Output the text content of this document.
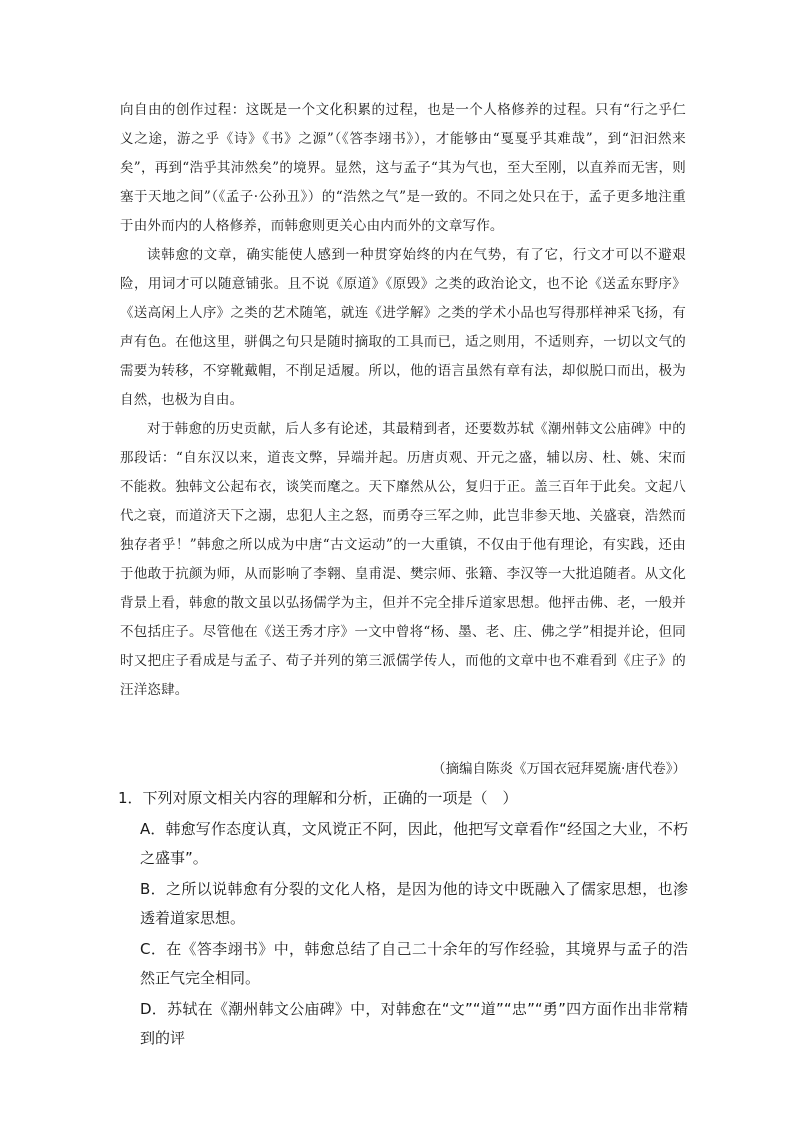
向自由的创作过程：这既是一个文化积累的过程，也是一个人格修养的过程。只有“行之乎仁义之途，游之乎《诗》《书》之源”（《答李翊书》），才能够由“戛戛乎其难哉”，到“汩汩然来矣”，再到“浩乎其沛然矣”的境界。显然，这与孟子“其为气也，至大至刚，以直养而无害，则塞于天地之间”（《孟子·公孙丑》）的“浩然之气”是一致的。不同之处只在于，孟子更多地注重于由外而内的人格修养，而韩愈则更关心由内而外的文章写作。

读韩愈的文章，确实能使人感到一种贯穿始终的内在气势，有了它，行文才可以不避艰险，用词才可以随意铺张。且不说《原道》《原毁》之类的政治论文，也不论《送孟东野序》《送高闲上人序》之类的艺术随笔，就连《进学解》之类的学术小品也写得那样神采飞扬，有声有色。在他这里，骈偶之句只是随时摘取的工具而已，适之则用，不适则弃，一切以文气的需要为转移，不穿靴戴帽，不削足适履。所以，他的语言虽然有章有法，却似脱口而出，极为自然，也极为自由。

对于韩愈的历史贡献，后人多有论述，其最精到者，还要数苏轼《潮州韩文公庙碑》中的那段话：“自东汉以来，道丧文弊，异端并起。历唐贞观、开元之盛，辅以房、杜、姚、宋而不能救。独韩文公起布衣，谈笑而麾之。天下靡然从公，复归于正。盖三百年于此矣。文起八代之衰，而道济天下之溺，忠犯人主之怒，而勇夺三军之帅，此岂非参天地、关盛衰，浩然而独存者乎！”韩愈之所以成为中唐“古文运动”的一大重镇，不仅由于他有理论，有实践，还由于他敢于抗颜为师，从而影响了李翱、皇甫湜、樊宗师、张籍、李汉等一大批追随者。从文化背景上看，韩愈的散文虽以弘扬儒学为主，但并不完全排斥道家思想。他抨击佛、老，一般并不包括庄子。尽管他在《送王秀才序》一文中曾将“杨、墨、老、庄、佛之学”相提并论，但同时又把庄子看成是与孟子、荀子并列的第三派儒学传人，而他的文章中也不难看到《庄子》的汪洋恣肆。

（摘编自陈炎《万国衣冠拜冕旒·唐代卷》）

1．下列对原文相关内容的理解和分析，正确的一项是（　）

A．韩愈写作态度认真，文风谠正不阿，因此，他把写文章看作“经国之大业，不朽之盛事”。

B．之所以说韩愈有分裂的文化人格，是因为他的诗文中既融入了儒家思想，也渗透着道家思想。

C．在《答李翊书》中，韩愈总结了自己二十余年的写作经验，其境界与孟子的浩然正气完全相同。

D．苏轼在《潮州韩文公庙碑》中，对韩愈在“文”“道”“忠”“勇”四方面作出非常精到的评
